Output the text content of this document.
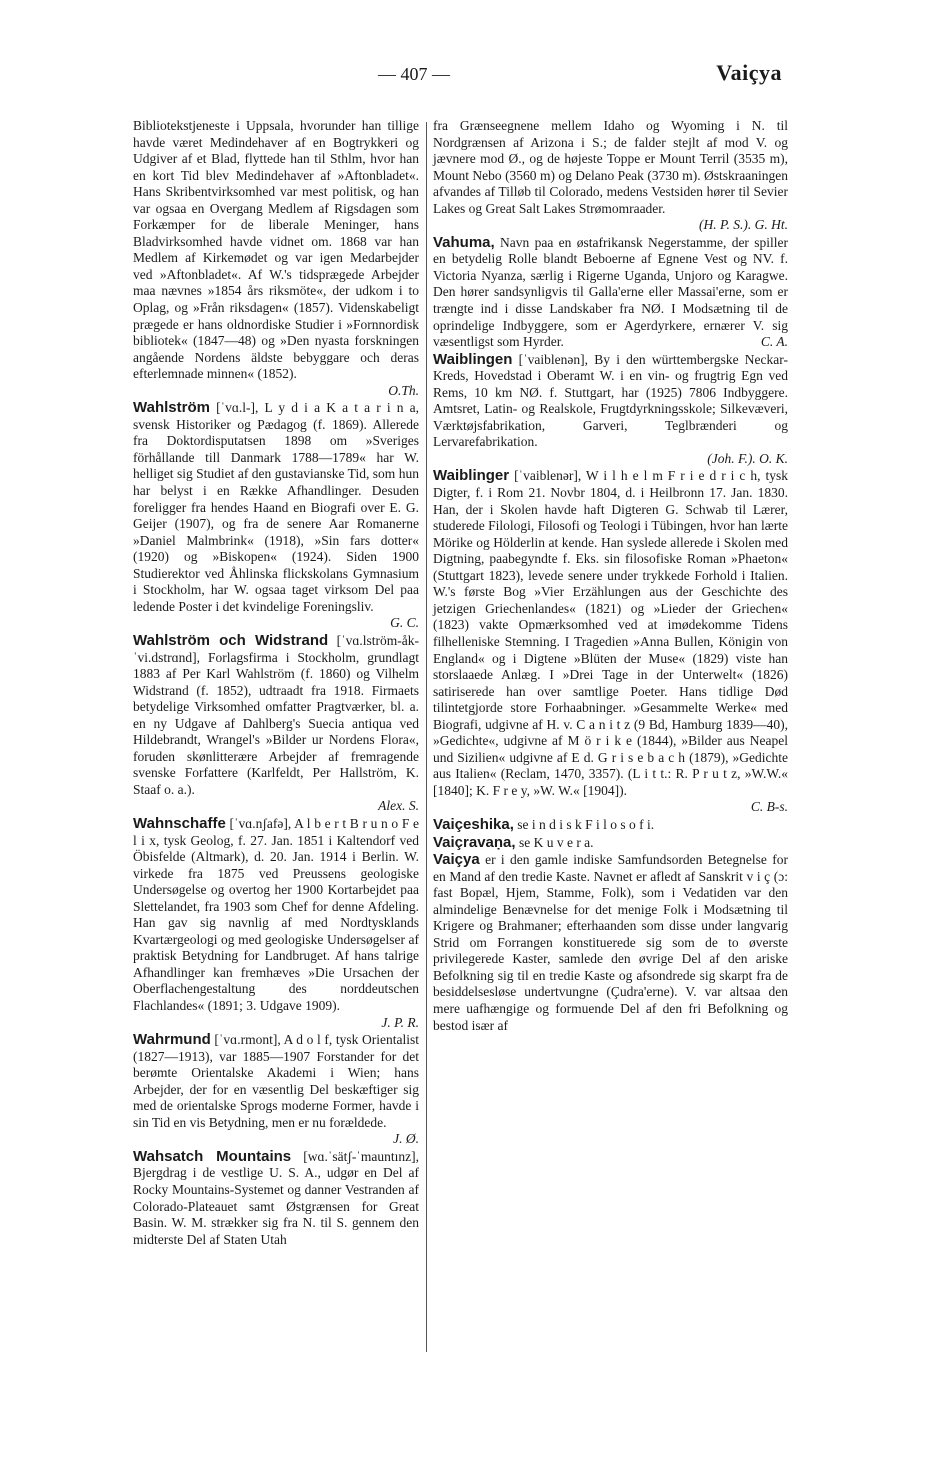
— 407 —	Vaiçya

Bibliotekstjeneste i Uppsala, hvorunder han tillige havde været Medindehaver af en Bogtrykkeri og Udgiver af et Blad, flyttede han til Sthlm, hvor han en kort Tid blev Medindehaver af »Aftonbladet«. Hans Skribentvirksomhed var mest politisk, og han var ogsaa en Overgang Medlem af Rigsdagen som Forkæmper for de liberale Meninger, hans Bladvirksomhed havde vidnet om. 1868 var han Medlem af Kirkemødet og var igen Medarbejder ved »Aftonbladet«. Af W.'s tidsprægede Arbejder maa nævnes »1854 års riksmöte«, der udkom i to Oplag, og »Från riksdagen« (1857). Videnskabeligt prægede er hans oldnordiske Studier i »Fornnordisk bibliotek« (1847—48) og »Den nyasta forskningen angående Nordens äldste bebyggare och deras efterlemnade minnen« (1852).
O.Th.

Wahlström [ˈvɑ.l-], L y d i a K a t a r i n a, svensk Historiker og Pædagog (f. 1869). Allerede fra Doktordisputatsen 1898 om »Sveriges förhållande till Danmark 1788—1789« har W. helliget sig Studiet af den gustavianske Tid, som hun har belyst i en Række Afhandlinger. Desuden foreligger fra hendes Haand en Biografi over E. G. Geijer (1907), og fra de senere Aar Romanerne »Daniel Malmbrink« (1918), »Sin fars dotter« (1920) og »Biskopen« (1924). Siden 1900 Studierektor ved Åhlinska flickskolans Gymnasium i Stockholm, har W. ogsaa taget virksom Del paa ledende Poster i det kvindelige Foreningsliv.
G. C.

Wahlström och Widstrand [ˈvɑ.lström-åk-ˈvi.dstrɑnd], Forlagsfirma i Stockholm, grundlagt 1883 af Per Karl Wahlström (f. 1860) og Vilhelm Widstrand (f. 1852), udtraadt fra 1918. Firmaets betydelige Virksomhed omfatter Pragtværker, bl. a. en ny Udgave af Dahlberg's Suecia antiqua ved Hildebrandt, Wrangel's »Bilder ur Nordens Flora«, foruden skønlitterære Arbejder af fremragende svenske Forfattere (Karlfeldt, Per Hallström, K. Staaf o. a.).
Alex. S.

Wahnschaffe [ˈvɑ.nʃafə], A l b e r t B r u n o F e l i x, tysk Geolog, f. 27. Jan. 1851 i Kaltendorf ved Öbisfelde (Altmark), d. 20. Jan. 1914 i Berlin. W. virkede fra 1875 ved Preussens geologiske Undersøgelse og overtog her 1900 Kortarbejdet paa Slettelandet, fra 1903 som Chef for denne Afdeling. Han gav sig navnlig af med Nordtysklands Kvartærgeologi og med geologiske Undersøgelser af praktisk Betydning for Landbruget. Af hans talrige Afhandlinger kan fremhæves »Die Ursachen der Oberflachengestaltung des norddeutschen Flachlandes« (1891; 3. Udgave 1909).
J. P. R.

Wahrmund [ˈvɑ.rmont], A d o l f, tysk Orientalist (1827—1913), var 1885—1907 Forstander for det berømte Orientalske Akademi i Wien; hans Arbejder, der for en væsentlig Del beskæftiger sig med de orientalske Sprogs moderne Former, havde i sin Tid en vis Betydning, men er nu forældede.
J. Ø.

Wahsatch Mountains [wɑ.ˈsätʃ-ˈmauntınz], Bjergdrag i de vestlige U. S. A., udgør en Del af Rocky Mountains-Systemet og danner Vestranden af Colorado-Plateauet samt Østgrænsen for Great Basin. W. M. strækker sig fra N. til S. gennem den midterste Del af Staten Utah

fra Grænseegnene mellem Idaho og Wyoming i N. til Nordgrænsen af Arizona i S.; de falder stejlt af mod V. og jævnere mod Ø., og de højeste Toppe er Mount Terril (3535 m), Mount Nebo (3560 m) og Delano Peak (3730 m). Østskraaningen afvandes af Tilløb til Colorado, medens Vestsiden hører til Sevier Lakes og Great Salt Lakes Strømomraader.
(H. P. S.). G. Ht.

Vahuma, Navn paa en østafrikansk Negerstamme, der spiller en betydelig Rolle blandt Beboerne af Egnene Vest og NV. f. Victoria Nyanza, særlig i Rigerne Uganda, Unjoro og Karagwe. Den hører sandsynligvis til Galla'erne eller Massai'erne, som er trængte ind i disse Landskaber fra NØ. I Modsætning til de oprindelige Indbyggere, som er Agerdyrkere, ernærer V. sig væsentligst som Hyrder.	C. A.

Waiblingen [ˈvaiblenən], By i den württembergske Neckar-Kreds, Hovedstad i Oberamt W. i en vin- og frugtrig Egn ved Rems, 10 km NØ. f. Stuttgart, har (1925) 7806 Indbyggere. Amtsret, Latin- og Realskole, Frugtdyrkningsskole; Silkevæveri, Værktøjsfabrikation, Garveri, Teglbrænderi og Lervarefabrikation.
(Joh. F.). O. K.

Waiblinger [ˈvaiblenər], W i l h e l m F r i e d r i c h, tysk Digter, f. i Rom 21. Novbr 1804, d. i Heilbronn 17. Jan. 1830. Han, der i Skolen havde haft Digteren G. Schwab til Lærer, studerede Filologi, Filosofi og Teologi i Tübingen, hvor han lærte Mörike og Hölderlin at kende. Han syslede allerede i Skolen med Digtning, paabegyndte f. Eks. sin filosofiske Roman »Phaeton« (Stuttgart 1823), levede senere under trykkede Forhold i Italien. W.'s første Bog »Vier Erzählungen aus der Geschichte des jetzigen Griechenlandes« (1821) og »Lieder der Griechen« (1823) vakte Opmærksomhed ved at imødekomme Tidens filhelleniske Stemning. I Tragedien »Anna Bullen, Königin von England« og i Digtene »Blüten der Muse« (1829) viste han storslaaede Anlæg. I »Drei Tage in der Unterwelt« (1826) satiriserede han over samtlige Poeter. Hans tidlige Død tilintetgjorde store Forhaabninger. »Gesammelte Werke« med Biografi, udgivne af H. v. C a n i t z (9 Bd, Hamburg 1839—40), »Gedichte«, udgivne af M ö r i k e (1844), »Bilder aus Neapel und Sizilien« udgivne af E d. G r i s e b a c h (1879), »Gedichte aus Italien« (Reclam, 1470, 3357). (L i t t.: R. P r u t z, »W.W.« [1840]; K. F r e y, »W. W.« [1904]).
C. B-s.

Vaiçeshika, se i n d i s k F i l o s o f i.

Vaiçravaṇa, se K u v e r a.

Vaiçya er i den gamle indiske Samfundsorden Betegnelse for en Mand af den tredie Kaste. Navnet er afledt af Sanskrit v i ç (ɔ: fast Bopæl, Hjem, Stamme, Folk), som i Vedatiden var den almindelige Benævnelse for det menige Folk i Modsætning til Krigere og Brahmaner; efterhaanden som disse under langvarig Strid om Forrangen konstituerede sig som de to øverste privilegerede Kaster, samlede den øvrige Del af den ariske Befolkning sig til en tredie Kaste og afsondrede sig skarpt fra de besiddelsesløse undertvungne (Çudra'erne). V. var altsaa den mere uafhængige og formuende Del af den fri Befolkning og bestod især af
